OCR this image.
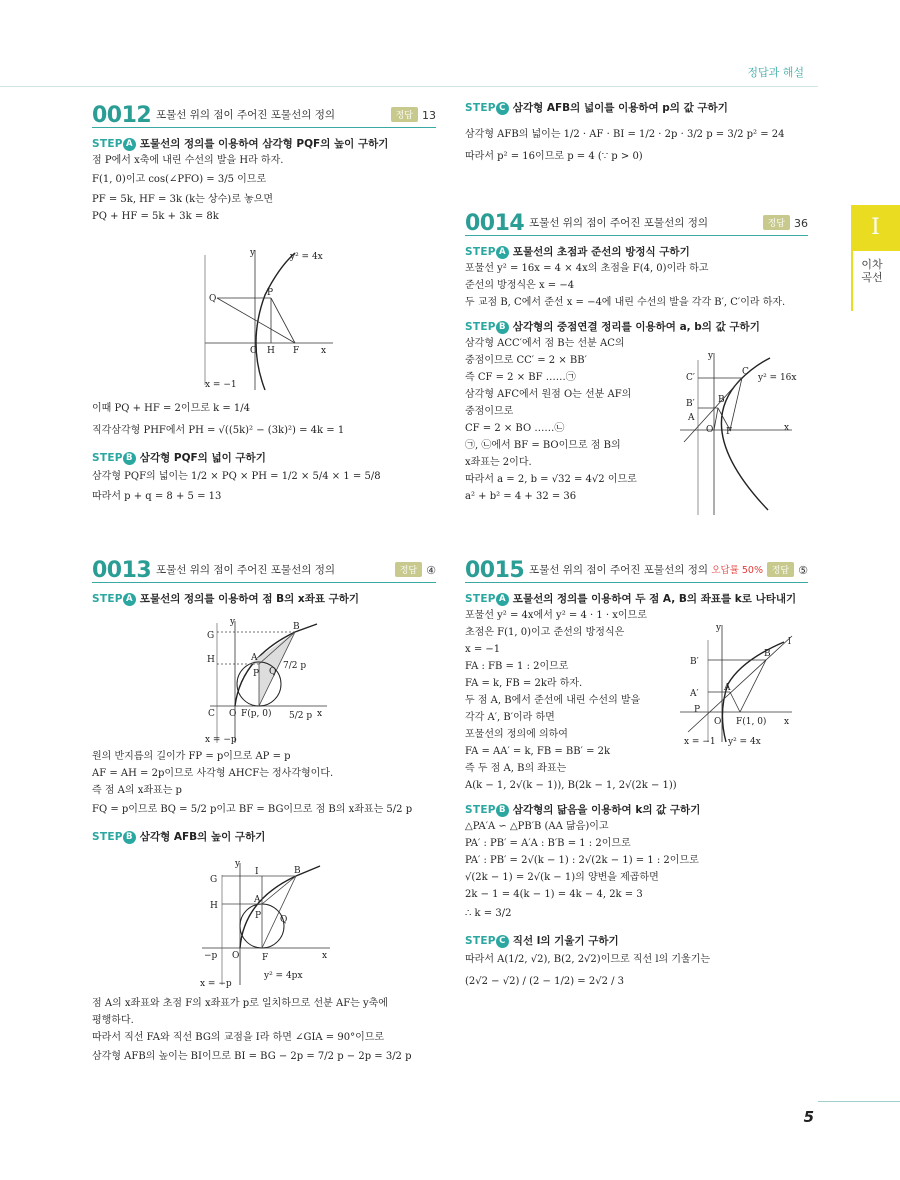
정답과 해설
I
이차곡선
0012 포물선 위의 점이 주어진 포물선의 정의	정답 13
STEP A 포물선의 정의를 이용하여 삼각형 PQF의 높이 구하기
점 P에서 x축에 내린 수선의 발을 H라 하자.
F(1, 0)이고 cos(∠PFO) = 3/5 이므로
PF = 5k, HF = 3k (k는 상수)로 놓으면
PQ + HF = 5k + 3k = 8k
y	y² = 4x
Q
P
O H F x
x = −1
이때 PQ + HF = 2이므로 k = 1/4
직각삼각형 PHF에서 PH = √((5k)² − (3k)²) = 4k = 1
STEP B 삼각형 PQF의 넓이 구하기
삼각형 PQF의 넓이는 1/2 × PQ × PH = 1/2 × 5/4 × 1 = 5/8
따라서 p + q = 8 + 5 = 13
0013 포물선 위의 점이 주어진 포물선의 정의	정답 ④
STEP A 포물선의 정의를 이용하여 점 B의 x좌표 구하기
y
G
H
B
A
P Q
7/2 p
C O F(p, 0) 5/2 p x
x = −p
원의 반지름의 길이가 FP = p이므로 AP = p
AF = AH = 2p이므로 사각형 AHCF는 정사각형이다.
즉 점 A의 x좌표는 p
FQ = p이므로 BQ = 5/2 p이고 BF = BG이므로 점 B의 x좌표는 5/2 p
STEP B 삼각형 AFB의 높이 구하기
y
G
H
B
I
A
P Q
−p O	F	x
x = −p
y² = 4px
점 A의 x좌표와 초점 F의 x좌표가 p로 일치하므로 선분 AF는 y축에
평행하다.
따라서 직선 FA와 직선 BG의 교점을 I라 하면 ∠GIA = 90°이므로
삼각형 AFB의 높이는 BI이므로 BI = BG − 2p = 7/2 p − 2p = 3/2 p
STEP C 삼각형 AFB의 넓이를 이용하여 p의 값 구하기
삼각형 AFB의 넓이는 1/2 · AF · BI = 1/2 · 2p · 3/2 p = 3/2 p² = 24
따라서 p² = 16이므로 p = 4 (∵ p > 0)
0014 포물선 위의 점이 주어진 포물선의 정의	정답 36
STEP A 포물선의 초점과 준선의 방정식 구하기
포물선 y² = 16x = 4 × 4x의 초점을 F(4, 0)이라 하고
준선의 방정식은 x = −4
두 교점 B, C에서 준선 x = −4에 내린 수선의 발을 각각 B′, C′이라 하자.
STEP B 삼각형의 중점연결 정리를 이용하여 a, b의 값 구하기
삼각형 ACC′에서 점 B는 선분 AC의
중점이므로 CC′ = 2 × BB′
즉 CF = 2 × BF ……㉠
삼각형 AFC에서 원점 O는 선분 AF의
중점이므로
CF = 2 × BO ……㉡
㉠, ㉡에서 BF = BO이므로 점 B의
x좌표는 2이다.
따라서 a = 2, b = √32 = 4√2 이므로
a² + b² = 4 + 32 = 36
y
C′
C
y² = 16x
B′	B
A
O F	x
0015 포물선 위의 점이 주어진 포물선의 정의 오답률 50% 정답 ⑤
STEP A 포물선의 정의를 이용하여 두 점 A, B의 좌표를 k로 나타내기
포물선 y² = 4x에서 y² = 4 · 1 · x이므로
초점은 F(1, 0)이고 준선의 방정식은
x = −1
FA : FB = 1 : 2이므로
FA = k, FB = 2k라 하자.
두 점 A, B에서 준선에 내린 수선의 발을
각각 A′, B′이라 하면
포물선의 정의에 의하여
FA = AA′ = k, FB = BB′ = 2k
즉 두 점 A, B의 좌표는
A(k − 1, 2√(k − 1)), B(2k − 1, 2√(2k − 1))
STEP B 삼각형의 닮음을 이용하여 k의 값 구하기
△PA′A ∽ △PB′B (AA 닮음)이고
PA′ : PB′ = A′A : B′B = 1 : 2이므로
PA′ : PB′ = 2√(k − 1) : 2√(2k − 1) = 1 : 2이므로
√(2k − 1) = 2√(k − 1)의 양변을 제곱하면
2k − 1 = 4(k − 1) = 4k − 4, 2k = 3
∴ k = 3/2
STEP C 직선 l의 기울기 구하기
따라서 A(1/2, √2), B(2, 2√2)이므로 직선 l의 기울기는
(2√2 − √2) / (2 − 1/2) = 2√2 / 3
y
l
B′
B
A′
A
P
O F(1, 0) x
x = −1 y² = 4x
5
